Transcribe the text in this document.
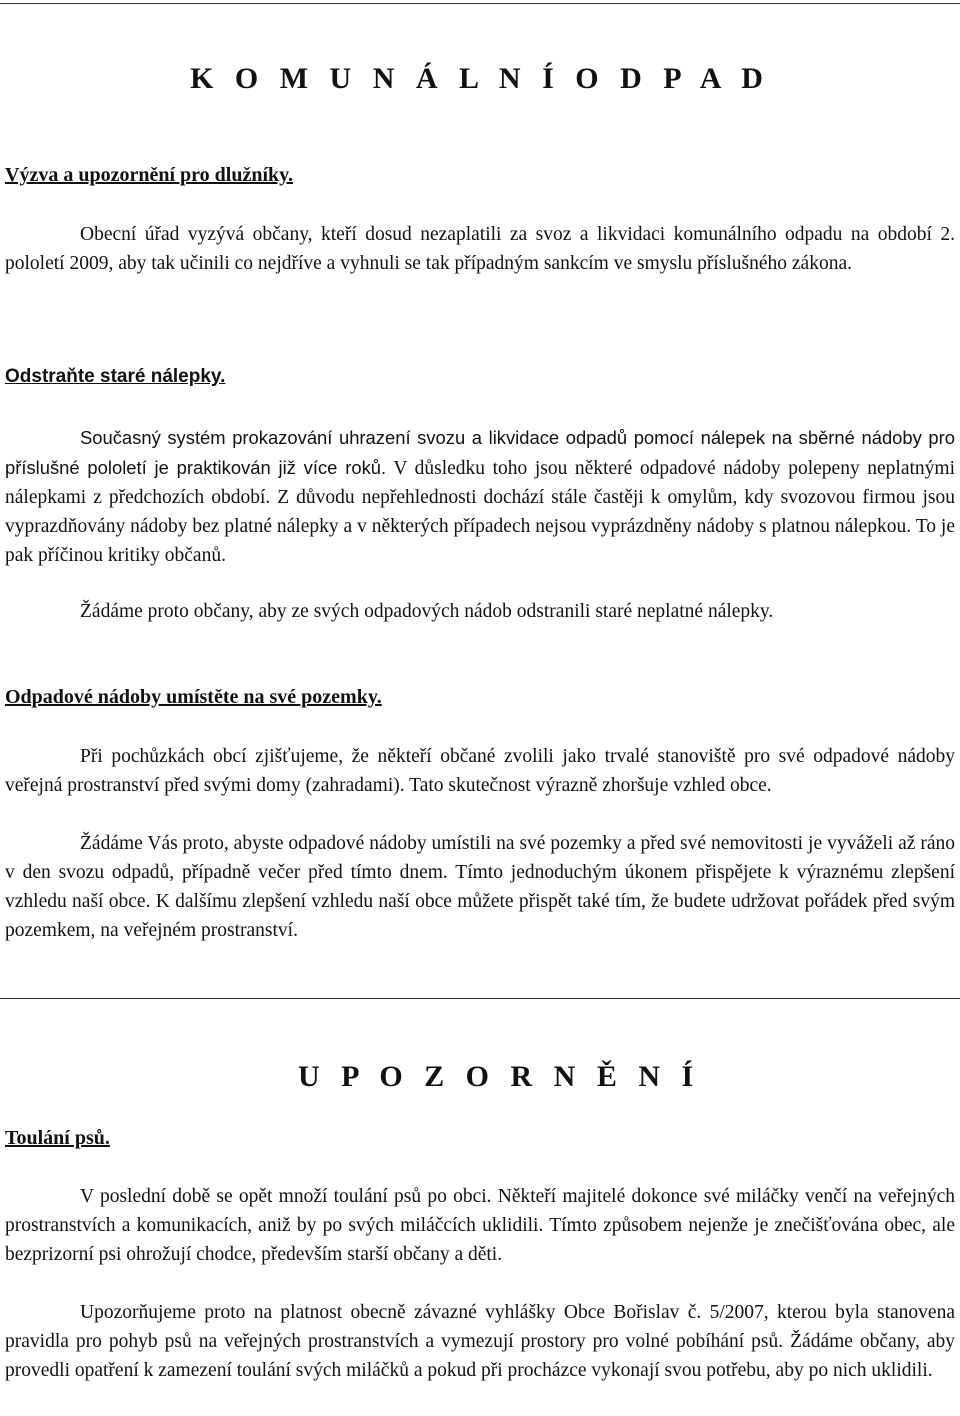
K O M U N Á L N Í O D P A D
Výzva a upozornění pro dlužníky.

Obecní úřad vyzývá občany, kteří dosud nezaplatili za svoz a likvidaci komunálního odpadu na období 2. pololetí 2009, aby tak učinili co nejdříve a vyhnuli se tak případným sankcím ve smyslu příslušného zákona.

Odstraňte staré nálepky.

Současný systém prokazování uhrazení svozu a likvidace odpadů pomocí nálepek na sběrné nádoby pro příslušné pololetí je praktikován již více roků. V důsledku toho jsou některé odpadové nádoby polepeny neplatnými nálepkami z předchozích období. Z důvodu nepřehlednosti dochází stále častěji k omylům, kdy svozovou firmou jsou vyprazdňovány nádoby bez platné nálepky a v některých případech nejsou vyprázdněny nádoby s platnou nálepkou. To je pak příčinou kritiky občanů.

Žádáme proto občany, aby ze svých odpadových nádob odstranili staré neplatné nálepky.

Odpadové nádoby umístěte na své pozemky.

Při pochůzkách obcí zjišťujeme, že někteří občané zvolili jako trvalé stanoviště pro své odpadové nádoby veřejná prostranství před svými domy (zahradami). Tato skutečnost výrazně zhoršuje vzhled obce.

Žádáme Vás proto, abyste odpadové nádoby umístili na své pozemky a před své nemovitosti je vyváželi až ráno v den svozu odpadů, případně večer před tímto dnem. Tímto jednoduchým úkonem přispějete k výraznému zlepšení vzhledu naší obce. K dalšímu zlepšení vzhledu naší obce můžete přispět také tím, že budete udržovat pořádek před svým pozemkem, na veřejném prostranství.

U P O Z O R N Ě N Í
Toulání psů.

V poslední době se opět množí toulání psů po obci. Někteří majitelé dokonce své miláčky venčí na veřejných prostranstvích a komunikacích, aniž by po svých miláčcích uklidili. Tímto způsobem nejenže je znečišťována obec, ale bezprizorní psi ohrožují chodce, především starší občany a děti.

Upozorňujeme proto na platnost obecně závazné vyhlášky Obce Bořislav č. 5/2007, kterou byla stanovena pravidla pro pohyb psů na veřejných prostranstvích a vymezují prostory pro volné pobíhání psů. Žádáme občany, aby provedli opatření k zamezení toulání svých miláčků a pokud při procházce vykonají svou potřebu, aby po nich uklidili.
